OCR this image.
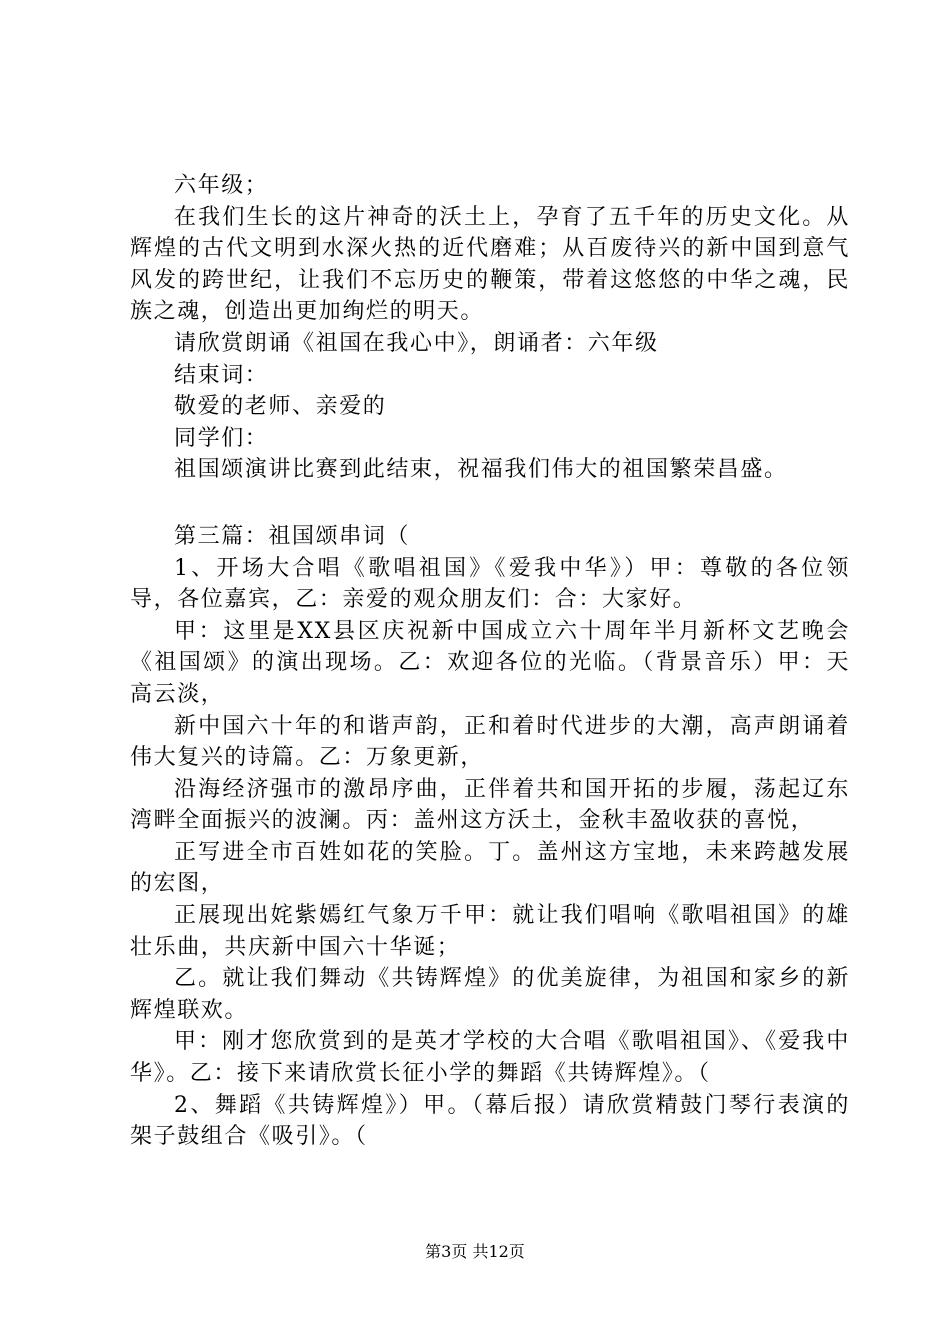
六年级；

在我们生长的这片神奇的沃土上，孕育了五千年的历史文化。从辉煌的古代文明到水深火热的近代磨难；从百废待兴的新中国到意气风发的跨世纪，让我们不忘历史的鞭策，带着这悠悠的中华之魂，民族之魂，创造出更加绚烂的明天。

请欣赏朗诵《祖国在我心中》，朗诵者：六年级

结束词：

敬爱的老师、亲爱的

同学们：

祖国颂演讲比赛到此结束，祝福我们伟大的祖国繁荣昌盛。

第三篇：祖国颂串词（

1、开场大合唱《歌唱祖国》《爱我中华》）甲：尊敬的各位领导，各位嘉宾，乙：亲爱的观众朋友们：合：大家好。

甲：这里是XX县区庆祝新中国成立六十周年半月新杯文艺晚会《祖国颂》的演出现场。乙：欢迎各位的光临。（背景音乐）甲：天高云淡，

新中国六十年的和谐声韵，正和着时代进步的大潮，高声朗诵着伟大复兴的诗篇。乙：万象更新，

沿海经济强市的激昂序曲，正伴着共和国开拓的步履，荡起辽东湾畔全面振兴的波澜。丙：盖州这方沃土，金秋丰盈收获的喜悦，

正写进全市百姓如花的笑脸。丁。盖州这方宝地，未来跨越发展的宏图，

正展现出姹紫嫣红气象万千甲：就让我们唱响《歌唱祖国》的雄壮乐曲，共庆新中国六十华诞；

乙。就让我们舞动《共铸辉煌》的优美旋律，为祖国和家乡的新辉煌联欢。

甲：刚才您欣赏到的是英才学校的大合唱《歌唱祖国》、《爱我中华》。乙：接下来请欣赏长征小学的舞蹈《共铸辉煌》。（

2、舞蹈《共铸辉煌》）甲。（幕后报）请欣赏精鼓门琴行表演的架子鼓组合《吸引》。（

第3页 共12页
